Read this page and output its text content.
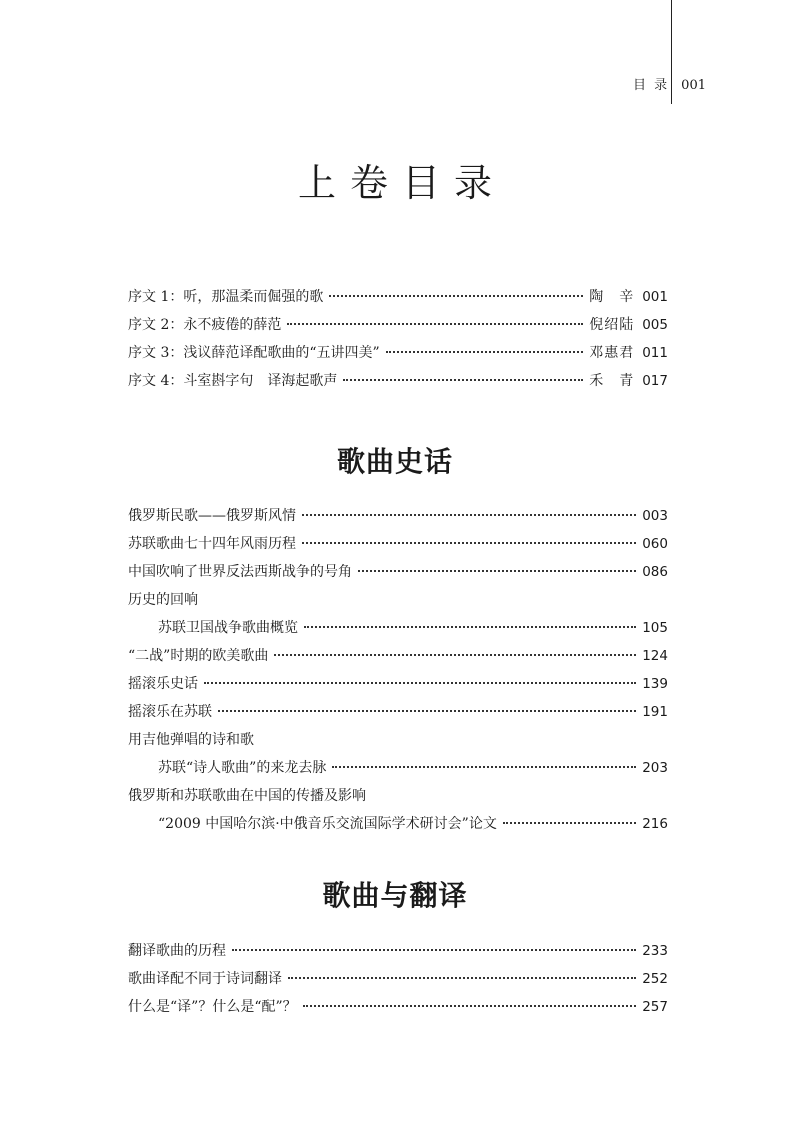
目 录 001
上卷目录
序文 1：听，那温柔而倔强的歌	陶　辛 001
序文 2：永不疲倦的薛范	倪绍陆 005
序文 3：浅议薛范译配歌曲的“五讲四美”	邓惠君 011
序文 4：斗室斟字句　译海起歌声	禾　青 017
歌曲史话
俄罗斯民歌——俄罗斯风情	003
苏联歌曲七十四年风雨历程	060
中国吹响了世界反法西斯战争的号角	086
历史的回响
苏联卫国战争歌曲概览	105
“二战”时期的欧美歌曲	124
摇滚乐史话	139
摇滚乐在苏联	191
用吉他弹唱的诗和歌
苏联“诗人歌曲”的来龙去脉	203
俄罗斯和苏联歌曲在中国的传播及影响
“2009 中国哈尔滨·中俄音乐交流国际学术研讨会”论文	216
歌曲与翻译
翻译歌曲的历程	233
歌曲译配不同于诗词翻译	252
什么是“译”？什么是“配”？	257
